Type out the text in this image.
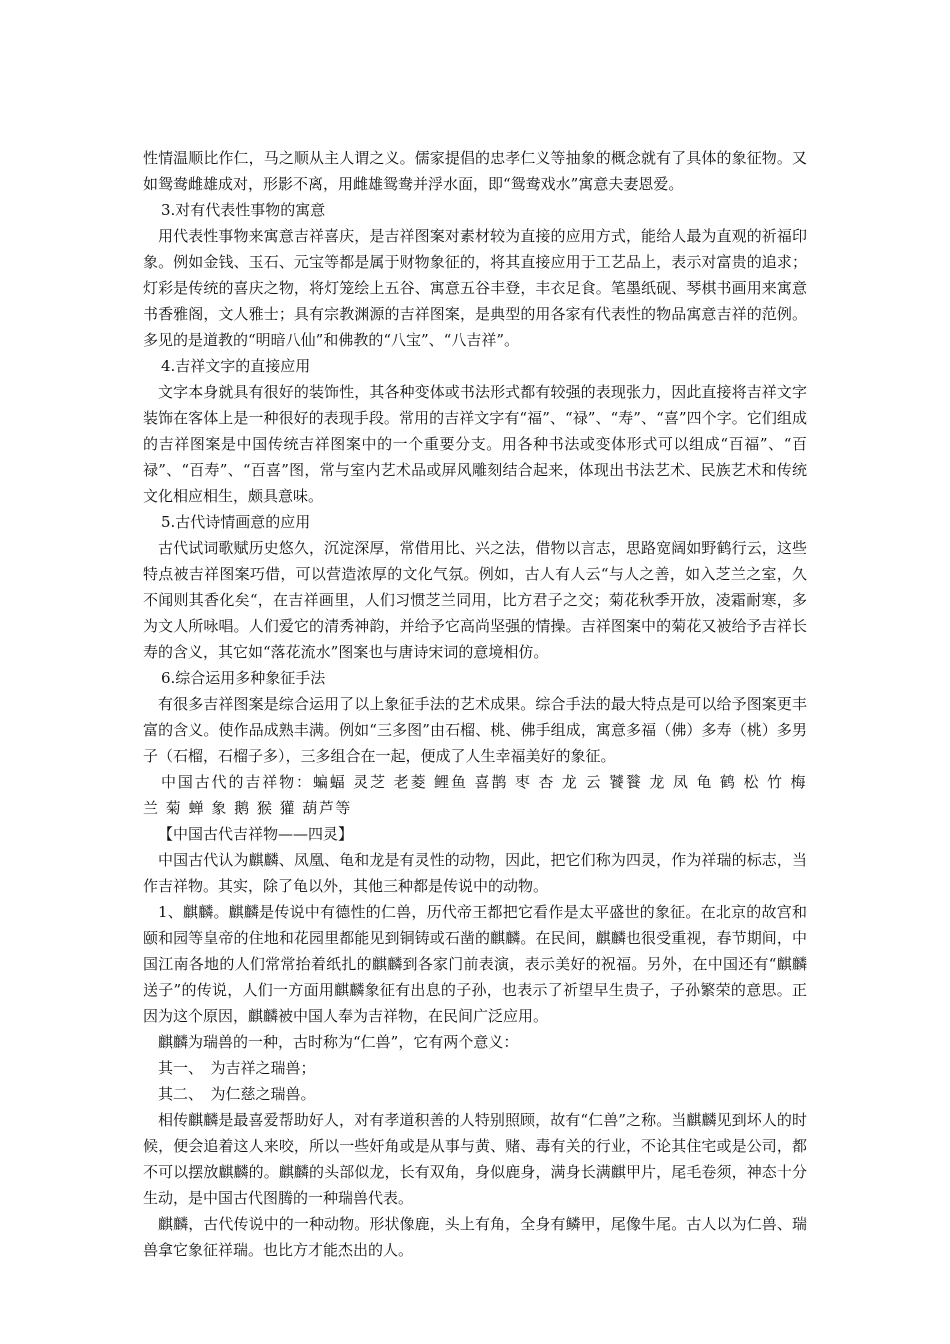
性情温顺比作仁，马之顺从主人谓之义。儒家提倡的忠孝仁义等抽象的概念就有了具体的象征物。又如鸳鸯雌雄成对，形影不离，用雌雄鸳鸯并浮水面，即“鸳鸯戏水”寓意夫妻恩爱。

3.对有代表性事物的寓意

用代表性事物来寓意吉祥喜庆，是吉祥图案对素材较为直接的应用方式，能给人最为直观的祈福印象。例如金钱、玉石、元宝等都是属于财物象征的，将其直接应用于工艺品上，表示对富贵的追求；灯彩是传统的喜庆之物，将灯笼绘上五谷、寓意五谷丰登，丰衣足食。笔墨纸砚、琴棋书画用来寓意书香雅阁，文人雅士；具有宗教渊源的吉祥图案，是典型的用各家有代表性的物品寓意吉祥的范例。多见的是道教的“明暗八仙”和佛教的“八宝”、“八吉祥”。

4.吉祥文字的直接应用

文字本身就具有很好的装饰性，其各种变体或书法形式都有较强的表现张力，因此直接将吉祥文字装饰在客体上是一种很好的表现手段。常用的吉祥文字有“福”、“禄”、“寿”、“喜”四个字。它们组成的吉祥图案是中国传统吉祥图案中的一个重要分支。用各种书法或变体形式可以组成“百福”、“百禄”、“百寿”、“百喜”图，常与室内艺术品或屏风雕刻结合起来，体现出书法艺术、民族艺术和传统文化相应相生，颇具意味。

5.古代诗情画意的应用

古代试词歌赋历史悠久，沉淀深厚，常借用比、兴之法，借物以言志，思路宽阔如野鹤行云，这些特点被吉祥图案巧借，可以营造浓厚的文化气氛。例如，古人有人云“与人之善，如入芝兰之室，久不闻则其香化矣“，在吉祥画里，人们习惯芝兰同用，比方君子之交；菊花秋季开放，凌霜耐寒，多为文人所咏唱。人们爱它的清秀神韵，并给予它高尚坚强的情操。吉祥图案中的菊花又被给予吉祥长寿的含义，其它如“落花流水”图案也与唐诗宋词的意境相仿。

6.综合运用多种象征手法

有很多吉祥图案是综合运用了以上象征手法的艺术成果。综合手法的最大特点是可以给予图案更丰富的含义。使作品成熟丰满。例如“三多图”由石榴、桃、佛手组成，寓意多福（佛）多寿（桃）多男子（石榴，石榴子多），三多组合在一起，便成了人生幸福美好的象征。

中国古代的吉祥物：蝙蝠 灵芝 老菱 鲤鱼 喜鹊 枣 杏 龙 云 饕餮 龙 凤 龟 鹤 松 竹 梅 兰 菊 蝉 象 鹅 猴 獾 葫芦等

【中国古代吉祥物——四灵】

中国古代认为麒麟、凤凰、龟和龙是有灵性的动物，因此，把它们称为四灵，作为祥瑞的标志，当作吉祥物。其实，除了龟以外，其他三种都是传说中的动物。

1、麒麟。麒麟是传说中有德性的仁兽，历代帝王都把它看作是太平盛世的象征。在北京的故宫和颐和园等皇帝的住地和花园里都能见到铜铸或石凿的麒麟。在民间，麒麟也很受重视，春节期间，中国江南各地的人们常常抬着纸扎的麒麟到各家门前表演，表示美好的祝福。另外，在中国还有“麒麟送子”的传说，人们一方面用麒麟象征有出息的子孙，也表示了祈望早生贵子，子孙繁荣的意思。正因为这个原因，麒麟被中国人奉为吉祥物，在民间广泛应用。

麒麟为瑞兽的一种，古时称为“仁兽”，它有两个意义：

其一、　为吉祥之瑞兽；

其二、　为仁慈之瑞兽。

相传麒麟是最喜爱帮助好人，对有孝道积善的人特别照顾，故有“仁兽”之称。当麒麟见到坏人的时候，便会追着这人来咬，所以一些奸角或是从事与黄、赌、毒有关的行业，不论其住宅或是公司，都不可以摆放麒麟的。麒麟的头部似龙，长有双角，身似鹿身，满身长满麒甲片，尾毛卷须，神态十分生动，是中国古代图腾的一种瑞兽代表。

麒麟，古代传说中的一种动物。形状像鹿，头上有角，全身有鳞甲，尾像牛尾。古人以为仁兽、瑞兽拿它象征祥瑞。也比方才能杰出的人。
